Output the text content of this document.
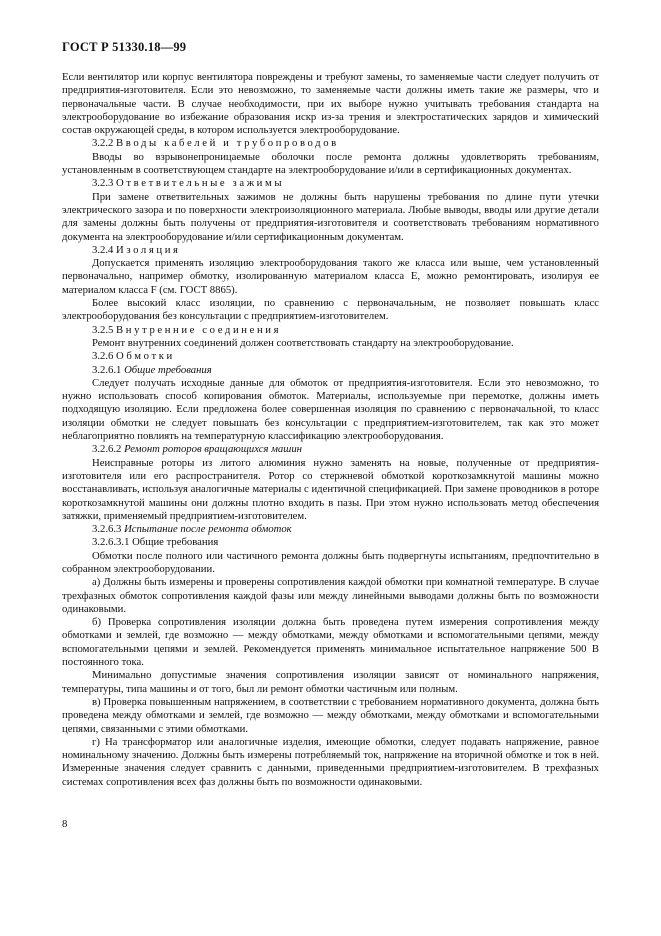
ГОСТ Р 51330.18—99

Если вентилятор или корпус вентилятора повреждены и требуют замены, то заменяемые части следует получить от предприятия-изготовителя. Если это невозможно, то заменяемые части должны иметь такие же размеры, что и первоначальные части. В случае необходимости, при их выборе нужно учитывать требования стандарта на электрооборудование во избежание образования искр из-за трения и электростатических зарядов и химический состав окружающей среды, в котором используется электрооборудование.

3.2.2 Вводы кабелей и трубопроводов

Вводы во взрывонепроницаемые оболочки после ремонта должны удовлетворять требованиям, установленным в соответствующем стандарте на электрооборудование и/или в сертификационных документах.

3.2.3 Ответвительные зажимы

При замене ответвительных зажимов не должны быть нарушены требования по длине пути утечки электрического зазора и по поверхности электроизоляционного материала. Любые выводы, вводы или другие детали для замены должны быть получены от предприятия-изготовителя и соответствовать требованиям нормативного документа на электрооборудование и/или сертификационным документам.

3.2.4 Изоляция

Допускается применять изоляцию электрооборудования такого же класса или выше, чем установленный первоначально, например обмотку, изолированную материалом класса Е, можно ремонтировать, изолируя ее материалом класса F (см. ГОСТ 8865).

Более высокий класс изоляции, по сравнению с первоначальным, не позволяет повышать класс электрооборудования без консультации с предприятием-изготовителем.

3.2.5 Внутренние соединения

Ремонт внутренних соединений должен соответствовать стандарту на электрооборудование.

3.2.6 Обмотки

3.2.6.1 Общие требования

Следует получать исходные данные для обмоток от предприятия-изготовителя. Если это невозможно, то нужно использовать способ копирования обмоток. Материалы, используемые при перемотке, должны иметь подходящую изоляцию. Если предложена более совершенная изоляция по сравнению с первоначальной, то класс изоляции обмотки не следует повышать без консультации с предприятием-изготовителем, так как это может неблагоприятно повлиять на температурную классификацию электрооборудования.

3.2.6.2 Ремонт роторов вращающихся машин

Неисправные роторы из литого алюминия нужно заменять на новые, полученные от предприятия-изготовителя или его распространителя. Ротор со стержневой обмоткой короткозамкнутой машины можно восстанавливать, используя аналогичные материалы с идентичной спецификацией. При замене проводников в роторе короткозамкнутой машины они должны плотно входить в пазы. При этом нужно использовать метод обеспечения затяжки, применяемый предприятием-изготовителем.

3.2.6.3 Испытание после ремонта обмоток

3.2.6.3.1 Общие требования

Обмотки после полного или частичного ремонта должны быть подвергнуты испытаниям, предпочтительно в собранном электрооборудовании.

а) Должны быть измерены и проверены сопротивления каждой обмотки при комнатной температуре. В случае трехфазных обмоток сопротивления каждой фазы или между линейными выводами должны быть по возможности одинаковыми.

б) Проверка сопротивления изоляции должна быть проведена путем измерения сопротивления между обмотками и землей, где возможно — между обмотками, между обмотками и вспомогательными цепями, между вспомогательными цепями и землей. Рекомендуется применять минимальное испытательное напряжение 500 В постоянного тока.

Минимально допустимые значения сопротивления изоляции зависят от номинального напряжения, температуры, типа машины и от того, был ли ремонт обмотки частичным или полным.

в) Проверка повышенным напряжением, в соответствии с требованием нормативного документа, должна быть проведена между обмотками и землей, где возможно — между обмотками, между обмотками и вспомогательными цепями, связанными с этими обмотками.

г) На трансформатор или аналогичные изделия, имеющие обмотки, следует подавать напряжение, равное номинальному значению. Должны быть измерены потребляемый ток, напряжение на вторичной обмотке и ток в ней. Измеренные значения следует сравнить с данными, приведенными предприятием-изготовителем. В трехфазных системах сопротивления всех фаз должны быть по возможности одинаковыми.

8
